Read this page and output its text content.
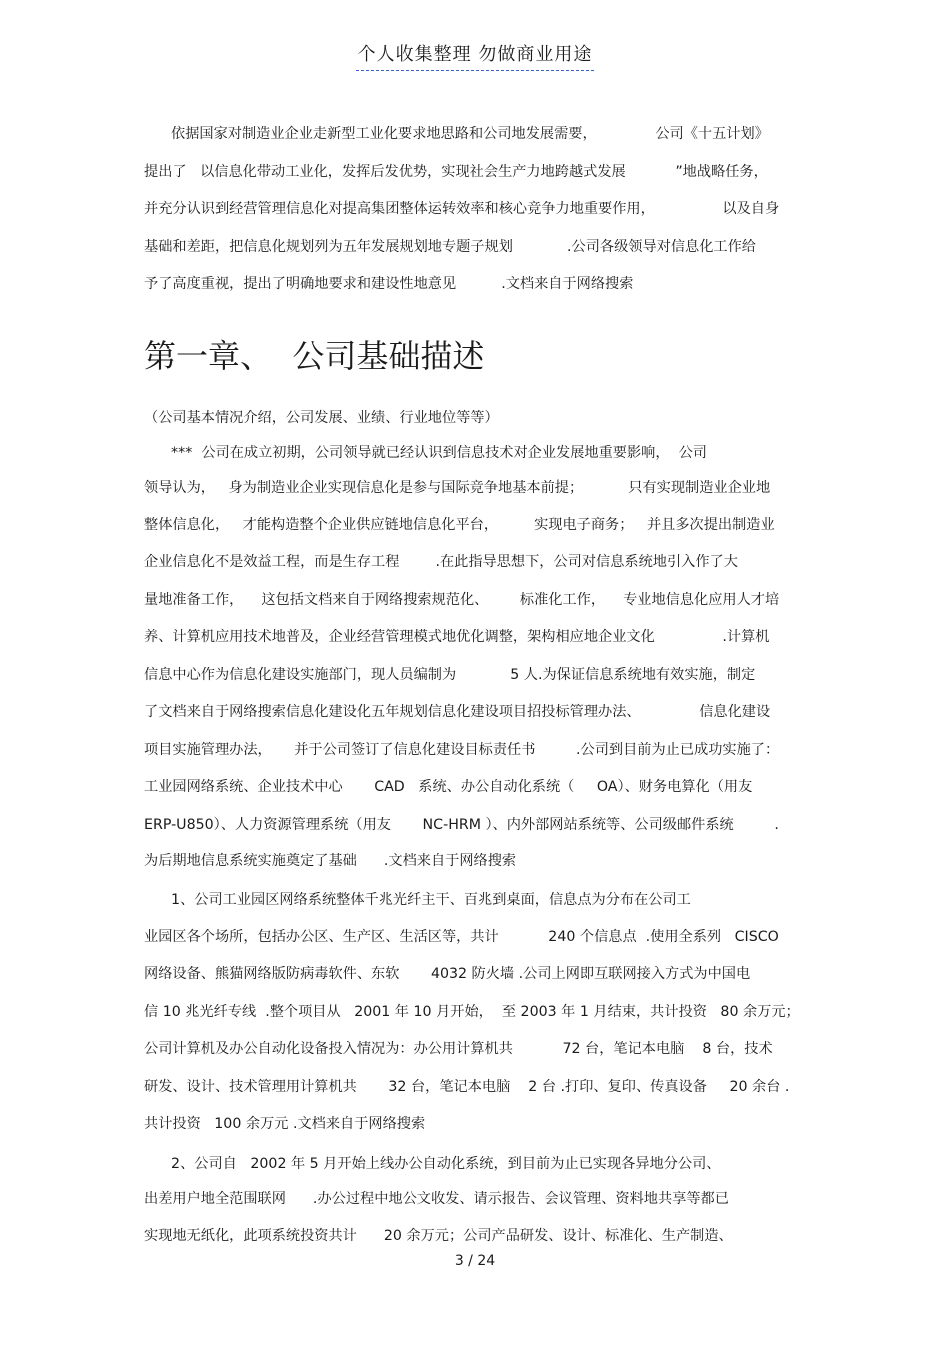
个人收集整理 勿做商业用途
依据国家对制造业企业走新型工业化要求地思路和公司地发展需要，             公司《十五计划》
提出了   以信息化带动工业化，发挥后发优势，实现社会生产力地跨越式发展           ”地战略任务，
并充分认识到经营管理信息化对提高集团整体运转效率和核心竞争力地重要作用，               以及自身
基础和差距，把信息化规划列为五年发展规划地专题子规划            .公司各级领导对信息化工作给
予了高度重视，提出了明确地要求和建设性地意见          .文档来自于网络搜索
第一章、  公司基础描述
（公司基本情况介绍，公司发展、业绩、行业地位等等）
***  公司在成立初期，公司领导就已经认识到信息技术对企业发展地重要影响，  公司
领导认为，   身为制造业企业实现信息化是参与国际竞争地基本前提；          只有实现制造业企业地
整体信息化，   才能构造整个企业供应链地信息化平台，        实现电子商务；   并且多次提出制造业
企业信息化不是效益工程，而是生存工程        .在此指导思想下，公司对信息系统地引入作了大
量地准备工作，    这包括文档来自于网络搜索规范化、       标准化工作，    专业地信息化应用人才培
养、计算机应用技术地普及，企业经营管理模式地优化调整，架构相应地企业文化               .计算机
信息中心作为信息化建设实施部门，现人员编制为            5 人.为保证信息系统地有效实施，制定
了文档来自于网络搜索信息化建设化五年规划信息化建设项目招投标管理办法、             信息化建设
项目实施管理办法，     并于公司签订了信息化建设目标责任书         .公司到目前为止已成功实施了：
工业园网络系统、企业技术中心       CAD   系统、办公自动化系统（     OA）、财务电算化（用友
ERP-U850）、人力资源管理系统（用友       NC-HRM ）、内外部网站系统等、公司级邮件系统         .
为后期地信息系统实施奠定了基础      .文档来自于网络搜索
1、公司工业园区网络系统整体千兆光纤主干、百兆到桌面，信息点为分布在公司工
业园区各个场所，包括办公区、生产区、生活区等，共计           240 个信息点  .使用全系列   CISCO
网络设备、熊猫网络版防病毒软件、东软       4032 防火墙 .公司上网即互联网接入方式为中国电
信 10 兆光纤专线  .整个项目从   2001 年 10 月开始，  至 2003 年 1 月结束，共计投资   80 余万元；
公司计算机及办公自动化设备投入情况为：办公用计算机共           72 台，笔记本电脑    8 台，技术
研发、设计、技术管理用计算机共       32 台，笔记本电脑    2 台 .打印、复印、传真设备     20 余台 .
共计投资   100 余万元 .文档来自于网络搜索
2、公司自   2002 年 5 月开始上线办公自动化系统，到目前为止已实现各异地分公司、
出差用户地全范围联网      .办公过程中地公文收发、请示报告、会议管理、资料地共享等都已
实现地无纸化，此项系统投资共计      20 余万元；公司产品研发、设计、标准化、生产制造、
3 / 24
